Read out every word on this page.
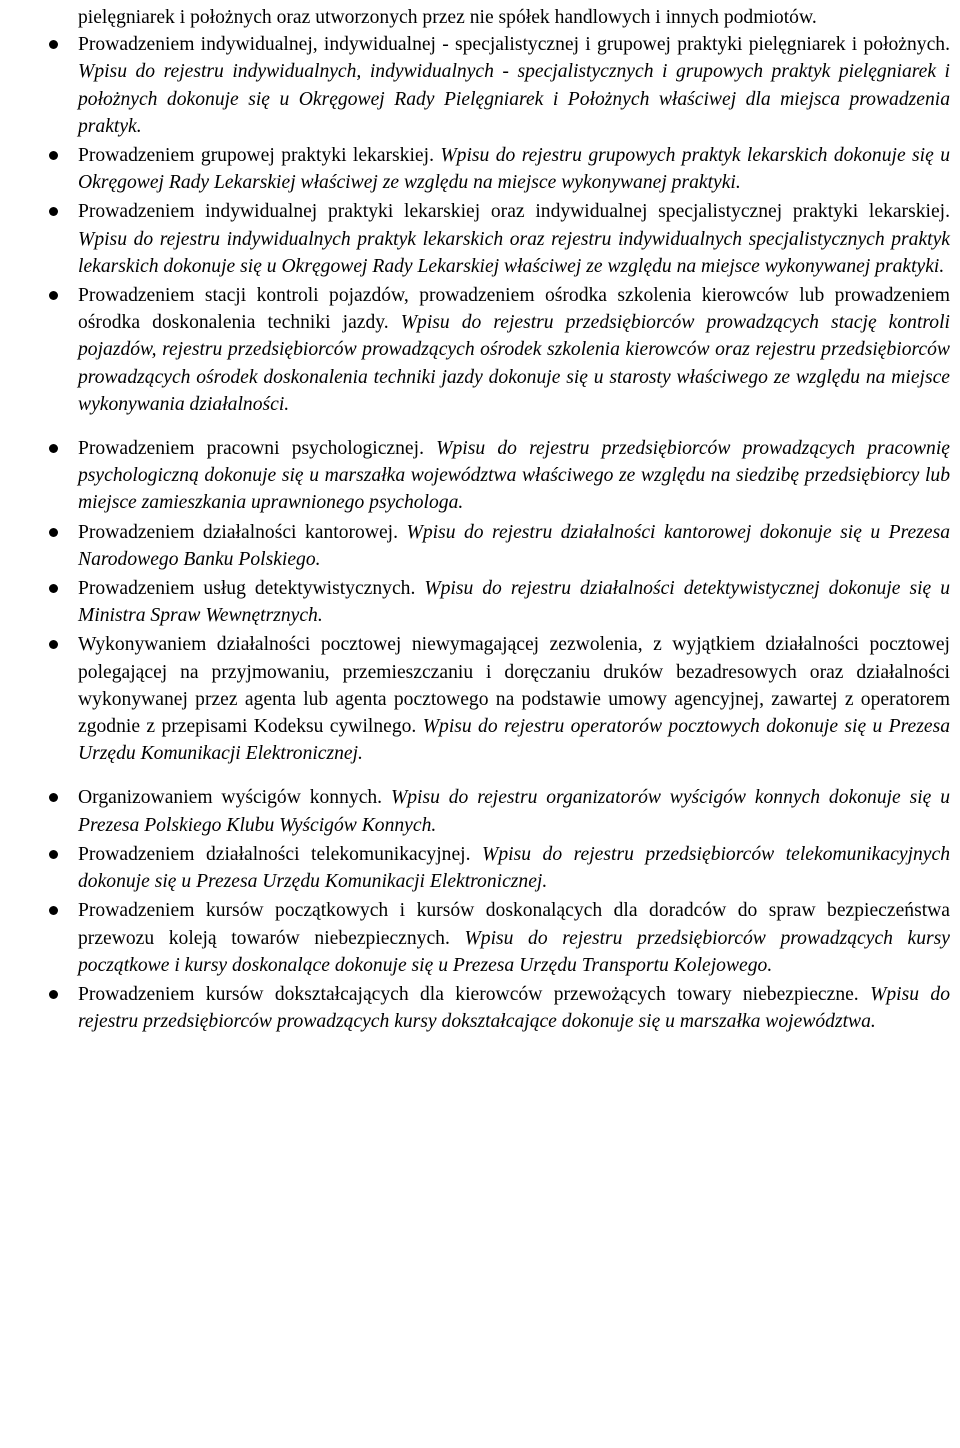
pielęgniarek i położnych oraz utworzonych przez nie spółek handlowych i innych podmiotów.

Prowadzeniem indywidualnej, indywidualnej - specjalistycznej i grupowej praktyki pielęgniarek i położnych. Wpisu do rejestru indywidualnych, indywidualnych - specjalistycznych i grupowych praktyk pielęgniarek i położnych dokonuje się u Okręgowej Rady Pielęgniarek i Położnych właściwej dla miejsca prowadzenia praktyk.
Prowadzeniem grupowej praktyki lekarskiej. Wpisu do rejestru grupowych praktyk lekarskich dokonuje się u Okręgowej Rady Lekarskiej właściwej ze względu na miejsce wykonywanej praktyki.
Prowadzeniem indywidualnej praktyki lekarskiej oraz indywidualnej specjalistycznej praktyki lekarskiej. Wpisu do rejestru indywidualnych praktyk lekarskich oraz rejestru indywidualnych specjalistycznych praktyk lekarskich dokonuje się u Okręgowej Rady Lekarskiej właściwej ze względu na miejsce wykonywanej praktyki.
Prowadzeniem stacji kontroli pojazdów, prowadzeniem ośrodka szkolenia kierowców lub prowadzeniem ośrodka doskonalenia techniki jazdy. Wpisu do rejestru przedsiębiorców prowadzących stację kontroli pojazdów, rejestru przedsiębiorców prowadzących ośrodek szkolenia kierowców oraz rejestru przedsiębiorców prowadzących ośrodek doskonalenia techniki jazdy dokonuje się u starosty właściwego ze względu na miejsce wykonywania działalności.
Prowadzeniem pracowni psychologicznej. Wpisu do rejestru przedsiębiorców prowadzących pracownię psychologiczną dokonuje się u marszałka województwa właściwego ze względu na siedzibę przedsiębiorcy lub miejsce zamieszkania uprawnionego psychologa.
Prowadzeniem działalności kantorowej. Wpisu do rejestru działalności kantorowej dokonuje się u Prezesa Narodowego Banku Polskiego.
Prowadzeniem usług detektywistycznych. Wpisu do rejestru działalności detektywistycznej dokonuje się u Ministra Spraw Wewnętrznych.
Wykonywaniem działalności pocztowej niewymagającej zezwolenia, z wyjątkiem działalności pocztowej polegającej na przyjmowaniu, przemieszczaniu i doręczaniu druków bezadresowych oraz działalności wykonywanej przez agenta lub agenta pocztowego na podstawie umowy agencyjnej, zawartej z operatorem zgodnie z przepisami Kodeksu cywilnego. Wpisu do rejestru operatorów pocztowych dokonuje się u Prezesa Urzędu Komunikacji Elektronicznej.
Organizowaniem wyścigów konnych. Wpisu do rejestru organizatorów wyścigów konnych dokonuje się u Prezesa Polskiego Klubu Wyścigów Konnych.
Prowadzeniem działalności telekomunikacyjnej. Wpisu do rejestru przedsiębiorców telekomunikacyjnych dokonuje się u Prezesa Urzędu Komunikacji Elektronicznej.
Prowadzeniem kursów początkowych i kursów doskonalących dla doradców do spraw bezpieczeństwa przewozu koleją towarów niebezpiecznych. Wpisu do rejestru przedsiębiorców prowadzących kursy początkowe i kursy doskonalące dokonuje się u Prezesa Urzędu Transportu Kolejowego.
Prowadzeniem kursów dokształcających dla kierowców przewożących towary niebezpieczne. Wpisu do rejestru przedsiębiorców prowadzących kursy dokształcające dokonuje się u marszałka województwa.
